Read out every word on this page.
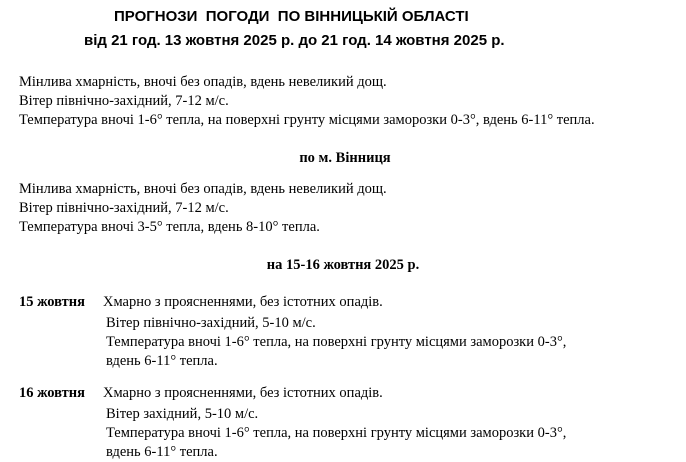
ПРОГНОЗИ  ПОГОДИ  ПО ВІННИЦЬКІЙ ОБЛАСТІ
від 21 год. 13 жовтня 2025 р. до 21 год. 14 жовтня 2025 р.
Мінлива хмарність, вночі без опадів, вдень невеликий дощ.
Вітер північно-західний, 7-12 м/с.
Температура вночі 1-6° тепла, на поверхні грунту місцями заморозки 0-3°, вдень 6-11° тепла.
по м. Вінниця
Мінлива хмарність, вночі без опадів, вдень невеликий дощ.
Вітер північно-західний, 7-12 м/с.
Температура вночі 3-5° тепла, вдень 8-10° тепла.
на 15-16 жовтня 2025 р.
15 жовтня Хмарно з проясненнями, без істотних опадів.
Вітер північно-західний, 5-10 м/с.
Температура вночі 1-6° тепла, на поверхні грунту місцями заморозки 0-3°,
вдень 6-11° тепла.
16 жовтня Хмарно з проясненнями, без істотних опадів.
Вітер західний, 5-10 м/с.
Температура вночі 1-6° тепла, на поверхні грунту місцями заморозки 0-3°,
вдень 6-11° тепла.
